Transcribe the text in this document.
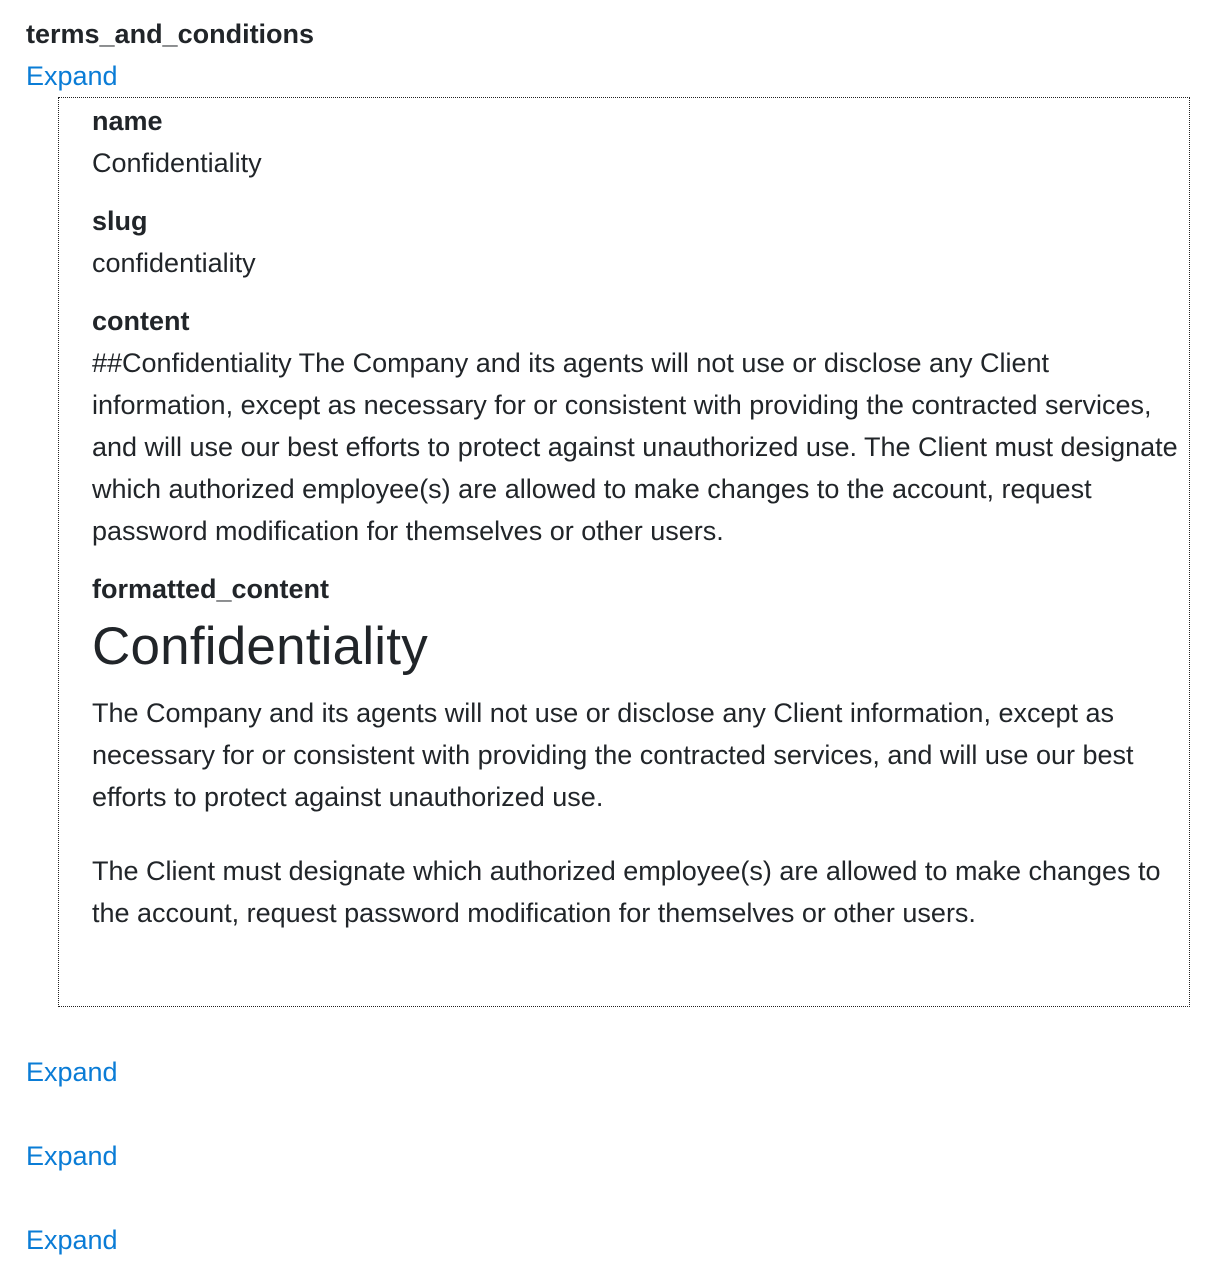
terms_and_conditions
Expand
name
Confidentiality
slug
confidentiality
content
##Confidentiality The Company and its agents will not use or disclose any Client information, except as necessary for or consistent with providing the contracted services, and will use our best efforts to protect against unauthorized use. The Client must designate which authorized employee(s) are allowed to make changes to the account, request password modification for themselves or other users.
formatted_content
Confidentiality

The Company and its agents will not use or disclose any Client information, except as necessary for or consistent with providing the contracted services, and will use our best efforts to protect against unauthorized use.

The Client must designate which authorized employee(s) are allowed to make changes to the account, request password modification for themselves or other users.

Expand
Expand
Expand
